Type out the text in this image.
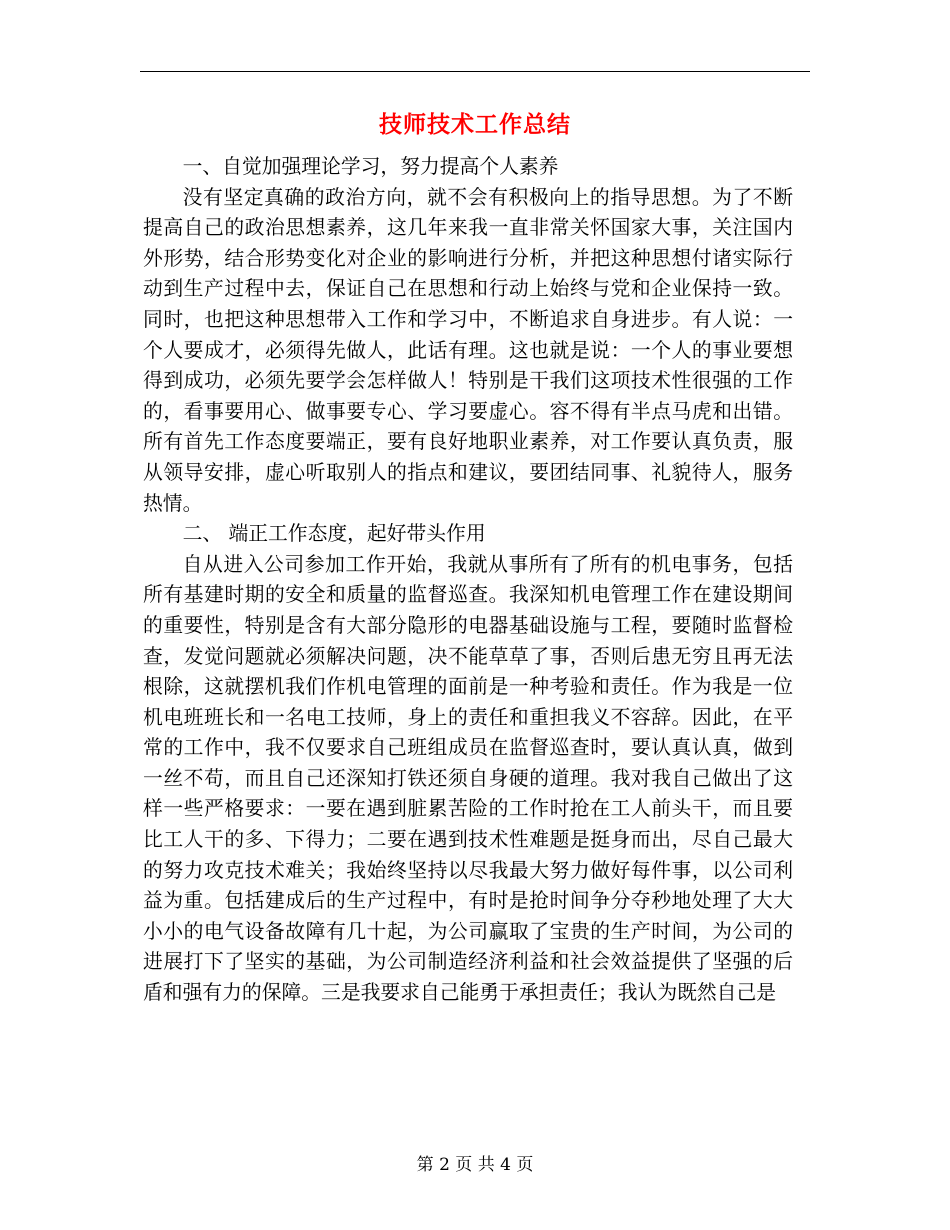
技师技术工作总结

一、自觉加强理论学习，努力提高个人素养

没有坚定真确的政治方向，就不会有积极向上的指导思想。为了不断提高自己的政治思想素养，这几年来我一直非常关怀国家大事，关注国内外形势，结合形势变化对企业的影响进行分析，并把这种思想付诸实际行动到生产过程中去，保证自己在思想和行动上始终与党和企业保持一致。同时，也把这种思想带入工作和学习中，不断追求自身进步。有人说：一个人要成才，必须得先做人，此话有理。这也就是说：一个人的事业要想得到成功，必须先要学会怎样做人！特别是干我们这项技术性很强的工作的，看事要用心、做事要专心、学习要虚心。容不得有半点马虎和出错。所有首先工作态度要端正，要有良好地职业素养，对工作要认真负责，服从领导安排，虚心听取别人的指点和建议，要团结同事、礼貌待人，服务热情。

二、 端正工作态度，起好带头作用

自从进入公司参加工作开始，我就从事所有了所有的机电事务，包括所有基建时期的安全和质量的监督巡查。我深知机电管理工作在建设期间的重要性，特别是含有大部分隐形的电器基础设施与工程，要随时监督检查，发觉问题就必须解决问题，决不能草草了事，否则后患无穷且再无法根除，这就摆机我们作机电管理的面前是一种考验和责任。作为我是一位机电班班长和一名电工技师，身上的责任和重担我义不容辞。因此，在平常的工作中，我不仅要求自己班组成员在监督巡查时，要认真认真，做到一丝不苟，而且自己还深知打铁还须自身硬的道理。我对我自己做出了这样一些严格要求：一要在遇到脏累苦险的工作时抢在工人前头干，而且要比工人干的多、下得力；二要在遇到技术性难题是挺身而出，尽自己最大的努力攻克技术难关；我始终坚持以尽我最大努力做好每件事，以公司利益为重。包括建成后的生产过程中，有时是抢时间争分夺秒地处理了大大小小的电气设备故障有几十起，为公司赢取了宝贵的生产时间，为公司的进展打下了坚实的基础，为公司制造经济利益和社会效益提供了坚强的后盾和强有力的保障。三是我要求自己能勇于承担责任；我认为既然自己是

第 2 页 共 4 页
